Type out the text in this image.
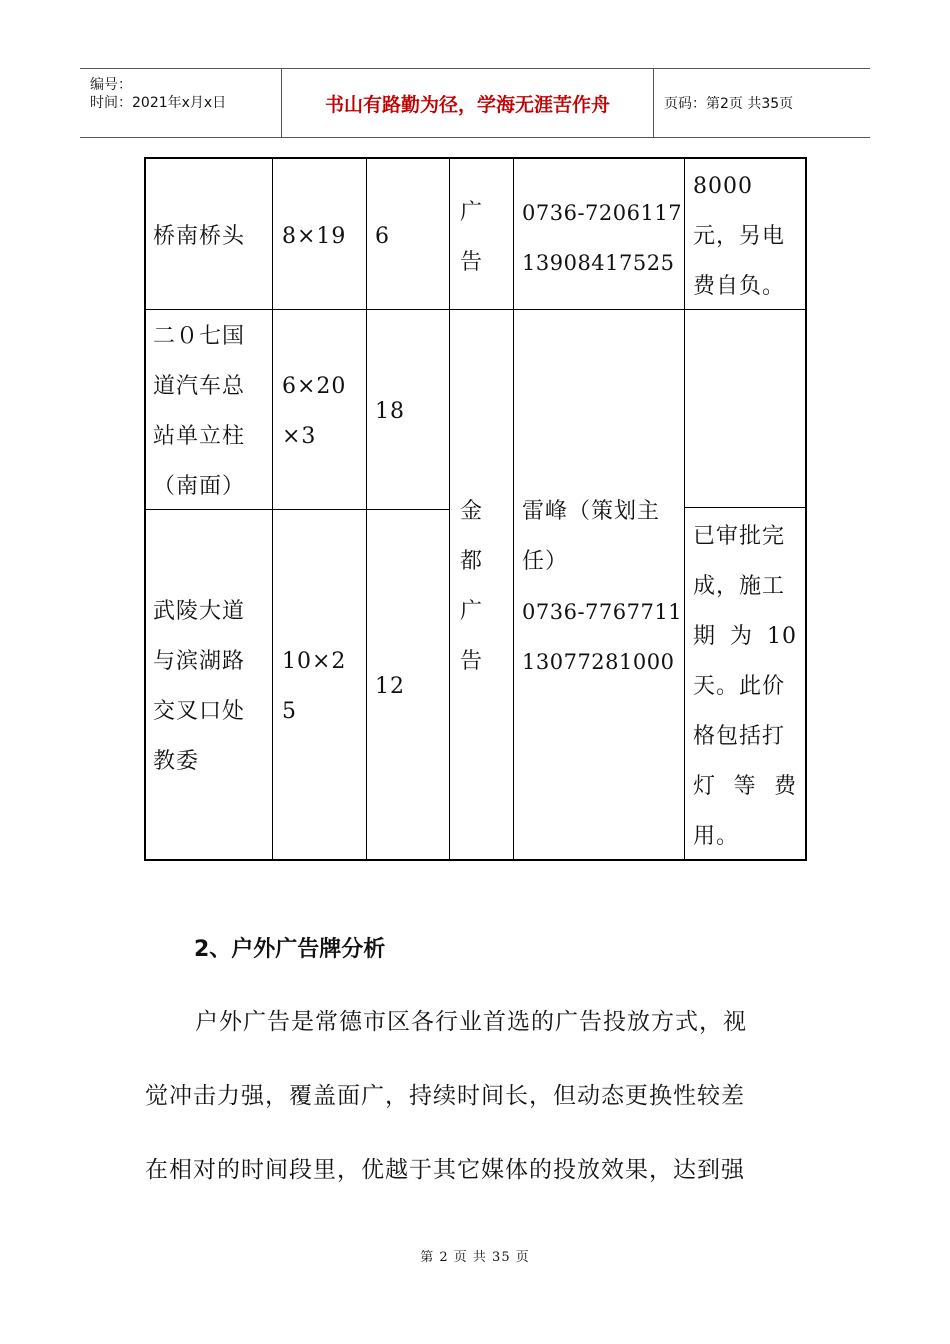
编号：
时间：2021年x月x日	书山有路勤为径，学海无涯苦作舟	页码：第2页 共35页
桥南桥头 8×19 6
广
告
0736-7206117
13908417525
8000
元，另电
费自负。
二０七国
道汽车总
站单立柱
（南面）
6×20
×3
18
金
都
广
告
雷峰（策划主
任）
0736-7767711
13077281000
武陵大道
与滨湖路
交叉口处
教委
10×2
5
12
已审批完
成，施工
期为10
天。此价
格包括打
灯等费
用。
2、户外广告牌分析
户外广告是常德市区各行业首选的广告投放方式，视
觉冲击力强，覆盖面广，持续时间长，但动态更换性较差
在相对的时间段里，优越于其它媒体的投放效果，达到强
第 2 页 共 35 页
